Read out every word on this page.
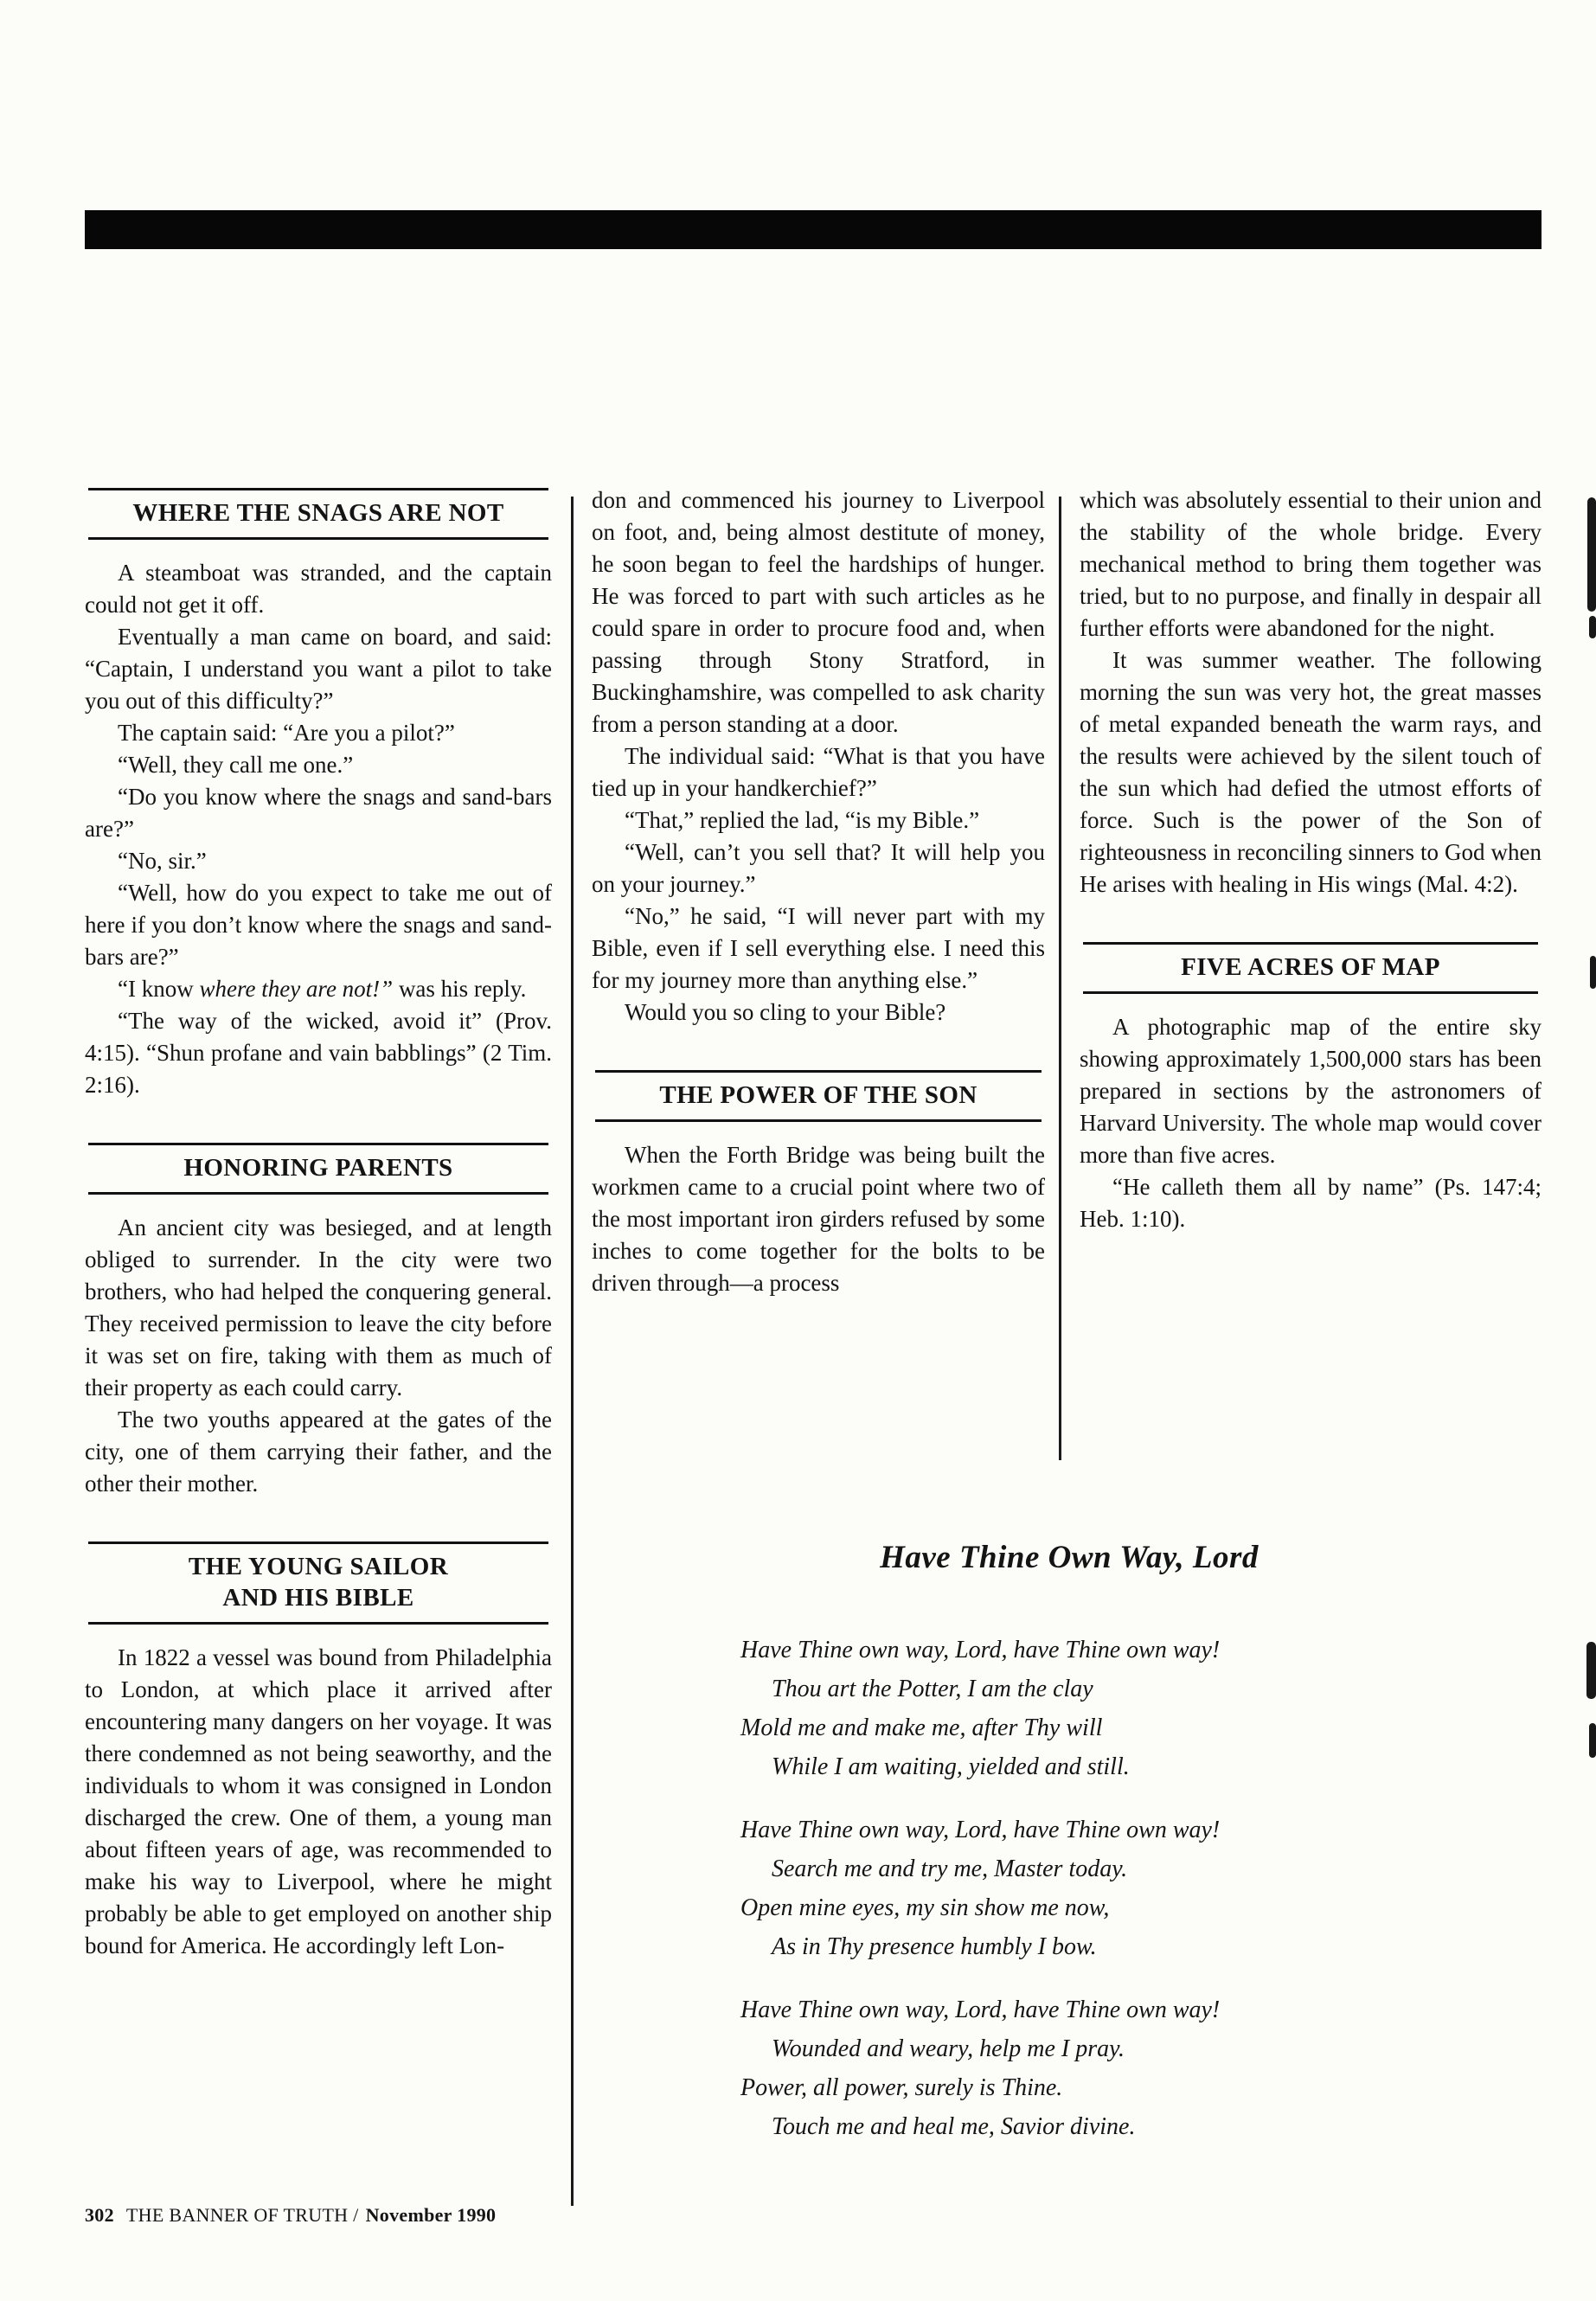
WHERE THE SNAGS ARE NOT

A steamboat was stranded, and the captain could not get it off.

Eventually a man came on board, and said: “Captain, I understand you want a pilot to take you out of this difficulty?”

The captain said: “Are you a pilot?”

“Well, they call me one.”

“Do you know where the snags and sand-bars are?”

“No, sir.”

“Well, how do you expect to take me out of here if you don’t know where the snags and sand-bars are?”

“I know where they are not!” was his reply.

“The way of the wicked, avoid it” (Prov. 4:15). “Shun profane and vain babblings” (2 Tim. 2:16).

HONORING PARENTS

An ancient city was besieged, and at length obliged to surrender. In the city were two brothers, who had helped the conquering general. They received permission to leave the city before it was set on fire, taking with them as much of their property as each could carry.

The two youths appeared at the gates of the city, one of them carrying their father, and the other their mother.

THE YOUNG SAILOR
AND HIS BIBLE

In 1822 a vessel was bound from Philadelphia to London, at which place it arrived after encountering many dangers on her voyage. It was there condemned as not being seaworthy, and the individuals to whom it was consigned in London discharged the crew. One of them, a young man about fifteen years of age, was recommended to make his way to Liverpool, where he might probably be able to get employed on another ship bound for America. He accordingly left Lon-

don and commenced his journey to Liverpool on foot, and, being almost destitute of money, he soon began to feel the hardships of hunger. He was forced to part with such articles as he could spare in order to procure food and, when passing through Stony Stratford, in Buckinghamshire, was compelled to ask charity from a person standing at a door.

The individual said: “What is that you have tied up in your handkerchief?”

“That,” replied the lad, “is my Bible.”

“Well, can’t you sell that? It will help you on your journey.”

“No,” he said, “I will never part with my Bible, even if I sell everything else. I need this for my journey more than anything else.”

Would you so cling to your Bible?

THE POWER OF THE SON

When the Forth Bridge was being built the workmen came to a crucial point where two of the most important iron girders refused by some inches to come together for the bolts to be driven through—a process

which was absolutely essential to their union and the stability of the whole bridge. Every mechanical method to bring them together was tried, but to no purpose, and finally in despair all further efforts were abandoned for the night.

It was summer weather. The following morning the sun was very hot, the great masses of metal expanded beneath the warm rays, and the results were achieved by the silent touch of the sun which had defied the utmost efforts of force. Such is the power of the Son of righteousness in reconciling sinners to God when He arises with healing in His wings (Mal. 4:2).

FIVE ACRES OF MAP

A photographic map of the entire sky showing approximately 1,500,000 stars has been prepared in sections by the astronomers of Harvard University. The whole map would cover more than five acres.

“He calleth them all by name” (Ps. 147:4; Heb. 1:10).

Have Thine Own Way, Lord

Have Thine own way, Lord, have Thine own way!

Thou art the Potter, I am the clay

Mold me and make me, after Thy will

While I am waiting, yielded and still.

Have Thine own way, Lord, have Thine own way!

Search me and try me, Master today.

Open mine eyes, my sin show me now,

As in Thy presence humbly I bow.

Have Thine own way, Lord, have Thine own way!

Wounded and weary, help me I pray.

Power, all power, surely is Thine.

Touch me and heal me, Savior divine.

302 THE BANNER OF TRUTH / November 1990
